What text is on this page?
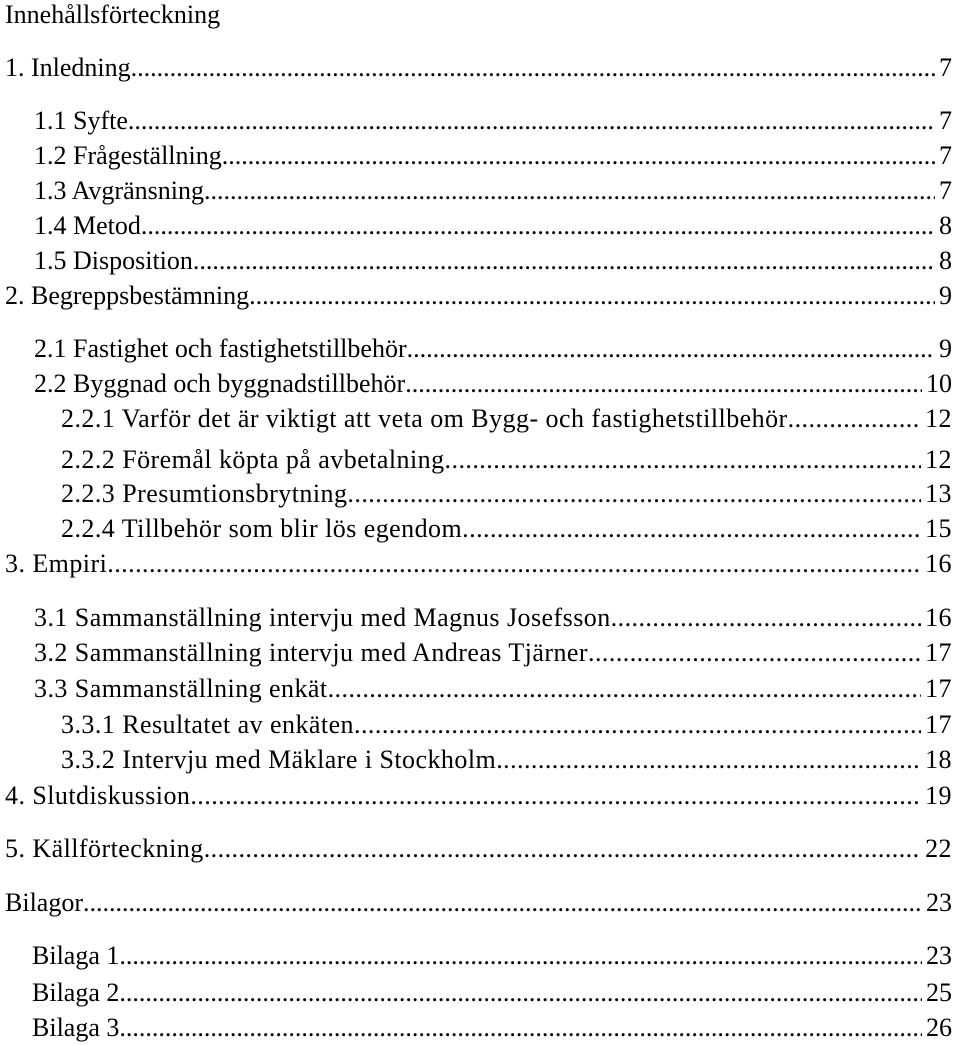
Innehållsförteckning
1. Inledning .....	7
1.1 Syfte .....	7
1.2 Frågeställning .....	7
1.3 Avgränsning .....	7
1.4 Metod .....	8
1.5 Disposition .....	8
2. Begreppsbestämning .....	9
2.1 Fastighet och fastighetstillbehör .....	9
2.2 Byggnad och byggnadstillbehör .....	10
2.2.1 Varför det är viktigt att veta om Bygg- och fastighetstillbehör .....	12
2.2.2 Föremål köpta på avbetalning .....	12
2.2.3 Presumtionsbrytning .....	13
2.2.4 Tillbehör som blir lös egendom .....	15
3. Empiri .....	16
3.1 Sammanställning intervju med Magnus Josefsson .....	16
3.2 Sammanställning intervju med Andreas Tjärner .....	17
3.3 Sammanställning enkät .....	17
3.3.1 Resultatet av enkäten .....	17
3.3.2 Intervju med Mäklare i Stockholm .....	18
4. Slutdiskussion .....	19
5. Källförteckning .....	22
Bilagor .....	23
Bilaga 1 .....	23
Bilaga 2 .....	25
Bilaga 3 .....	26
